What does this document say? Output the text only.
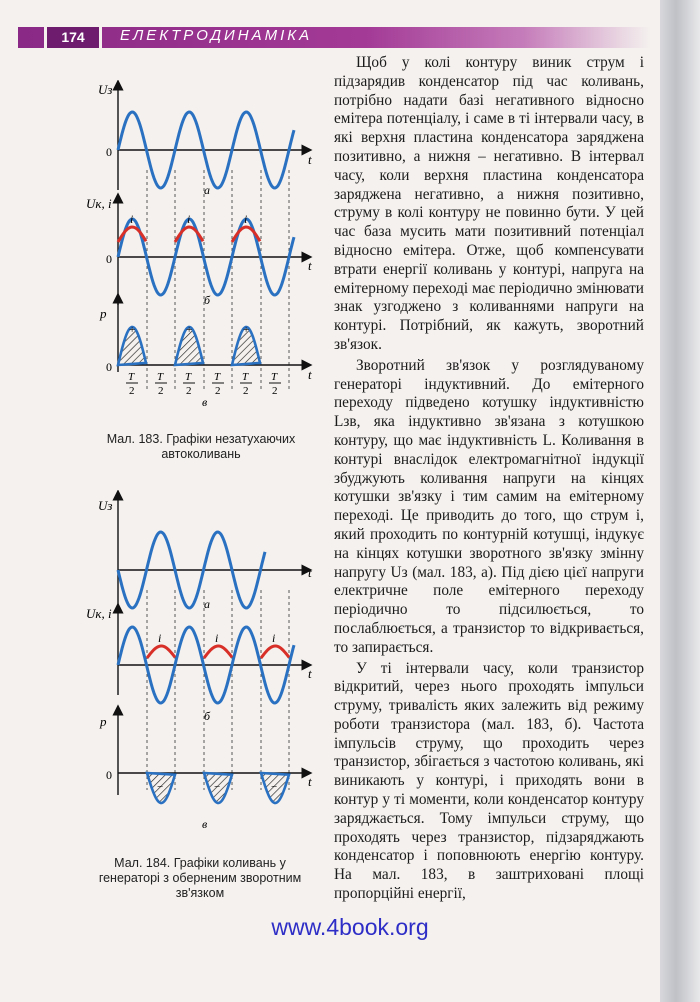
174	ЕЛЕКТРОДИНАМІКА
Uз
0	t
а
Uк, i
0	t
i	i	i
б
p
0	t
+	+	+
T
2
T
2
T
2
T
2
T
2
T
2
в
Мал. 183. Графіки незатухаючих автоколивань
Uз
t
а
Uк, i
t
i	i	i
б
p
0	t
−	−	−
в
Мал. 184. Графіки коливань у генераторі з оберненим зворотним зв'язком

Щоб у колі контуру виник струм і підзарядив конденсатор під час коливань, потрібно надати базі негативного відносно емітера потенціалу, і саме в ті інтервали часу, в які верхня пластина конденсатора заряджена позитивно, а нижня – негативно. В інтервал часу, коли верхня пластина конденсатора заряджена негативно, а нижня позитивно, струму в колі контуру не повинно бути. У цей час база мусить мати позитивний потенціал відносно емітера. Отже, щоб компенсувати втрати енергії коливань у контурі, напруга на емітерному переході має періодично змінювати знак узгоджено з коливаннями напруги на контурі. Потрібний, як кажуть, зворотний зв'язок.

Зворотний зв'язок у розглядуваному генераторі індуктивний. До емітерного переходу підведено котушку індуктивністю Lзв, яка індуктивно зв'язана з котушкою контуру, що має індуктивність L. Коливання в контурі внаслідок електромагнітної індукції збуджують коливання напруги на кінцях котушки зв'язку і тим самим на емітерному переході. Це приводить до того, що струм i, який проходить по контурній котушці, індукує на кінцях котушки зворотного зв'язку змінну напругу Uз (мал. 183, а). Під дією цієї напруги електричне поле емітерного переходу періодично то підсилюється, то послаблюється, а транзистор то відкривається, то запирається.

У ті інтервали часу, коли транзистор відкритий, через нього проходять імпульси струму, тривалість яких залежить від режиму роботи транзистора (мал. 183, б). Частота імпульсів струму, що проходить через транзистор, збігається з частотою коливань, які виникають у контурі, і приходять вони в контур у ті моменти, коли конденсатор контуру заряджається. Тому імпульси струму, що проходять через транзистор, підзаряджають конденсатор і поповнюють енергію контуру. На мал. 183, в заштриховані площі пропорційні енергії,

www.4book.org
